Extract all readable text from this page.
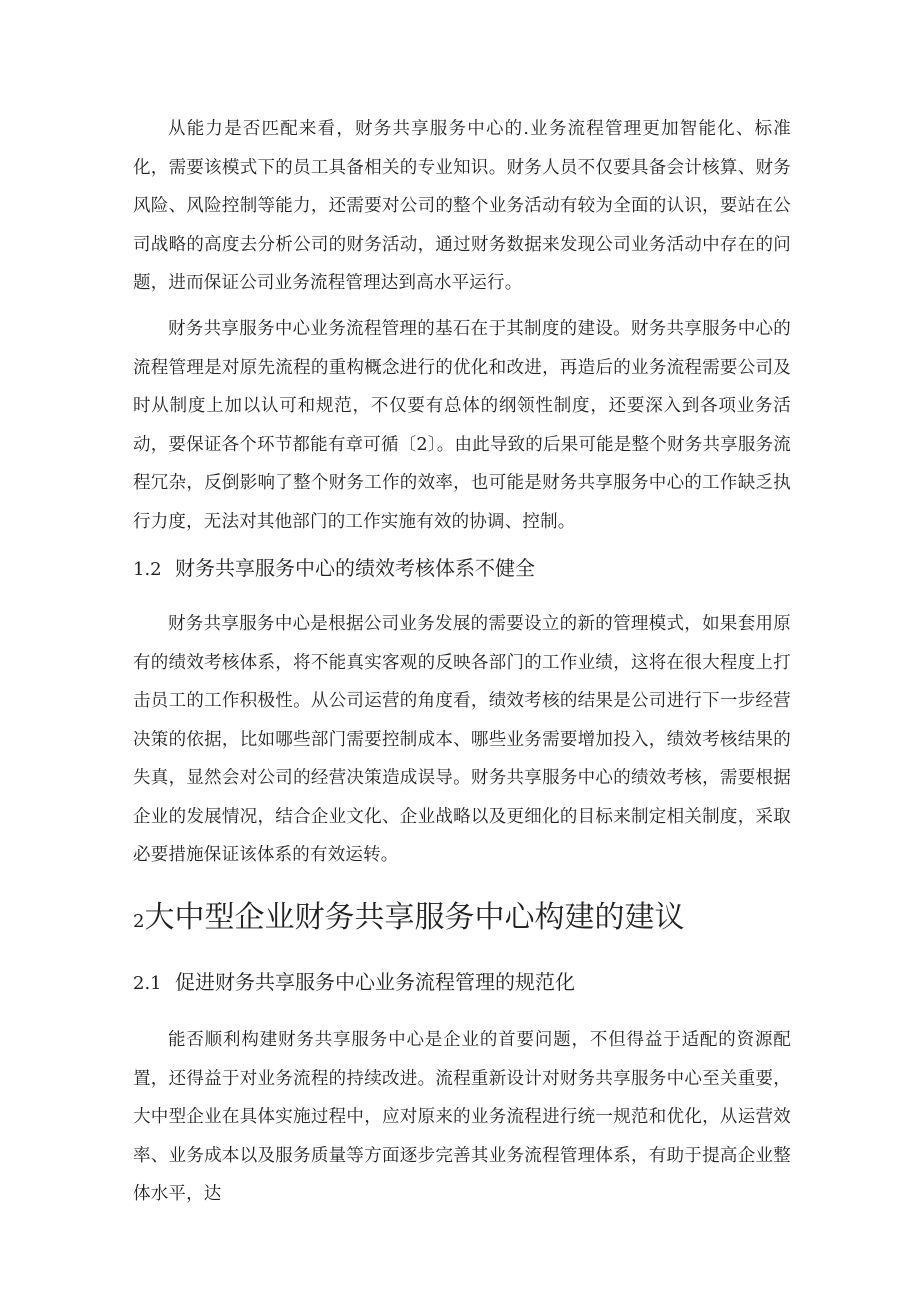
从能力是否匹配来看，财务共享服务中心的.业务流程管理更加智能化、标准化，需要该模式下的员工具备相关的专业知识。财务人员不仅要具备会计核算、财务风险、风险控制等能力，还需要对公司的整个业务活动有较为全面的认识，要站在公司战略的高度去分析公司的财务活动，通过财务数据来发现公司业务活动中存在的问题，进而保证公司业务流程管理达到高水平运行。

财务共享服务中心业务流程管理的基石在于其制度的建设。财务共享服务中心的流程管理是对原先流程的重构概念进行的优化和改进，再造后的业务流程需要公司及时从制度上加以认可和规范，不仅要有总体的纲领性制度，还要深入到各项业务活动，要保证各个环节都能有章可循〔2〕。由此导致的后果可能是整个财务共享服务流程冗杂，反倒影响了整个财务工作的效率，也可能是财务共享服务中心的工作缺乏执行力度，无法对其他部门的工作实施有效的协调、控制。

1.2 财务共享服务中心的绩效考核体系不健全

财务共享服务中心是根据公司业务发展的需要设立的新的管理模式，如果套用原有的绩效考核体系，将不能真实客观的反映各部门的工作业绩，这将在很大程度上打击员工的工作积极性。从公司运营的角度看，绩效考核的结果是公司进行下一步经营决策的依据，比如哪些部门需要控制成本、哪些业务需要增加投入，绩效考核结果的失真，显然会对公司的经营决策造成误导。财务共享服务中心的绩效考核，需要根据企业的发展情况，结合企业文化、企业战略以及更细化的目标来制定相关制度，采取必要措施保证该体系的有效运转。

2大中型企业财务共享服务中心构建的建议
2.1 促进财务共享服务中心业务流程管理的规范化

能否顺利构建财务共享服务中心是企业的首要问题，不但得益于适配的资源配置，还得益于对业务流程的持续改进。流程重新设计对财务共享服务中心至关重要，大中型企业在具体实施过程中，应对原来的业务流程进行统一规范和优化，从运营效率、业务成本以及服务质量等方面逐步完善其业务流程管理体系，有助于提高企业整体水平，达
